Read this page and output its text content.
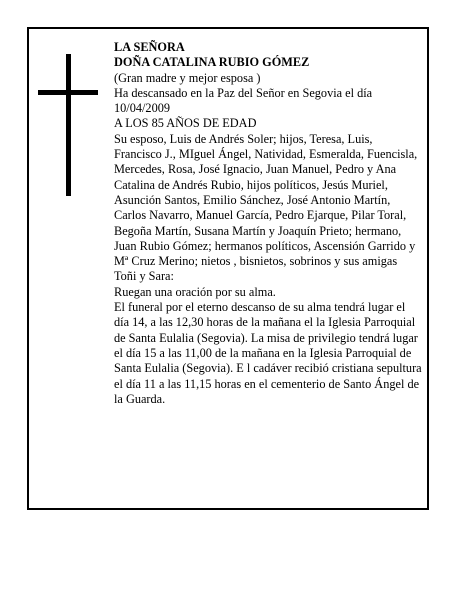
LA SEÑORA

DOÑA CATALINA RUBIO GÓMEZ

(Gran madre y mejor esposa )

Ha descansado en la Paz del Señor en Segovia el día 10/04/2009

A LOS 85 AÑOS DE EDAD

Su esposo, Luis de Andrés Soler; hijos, Teresa, Luis, Francisco J., MIguel Ángel, Natividad, Esmeralda, Fuencisla, Mercedes, Rosa, José Ignacio, Juan Manuel, Pedro y Ana Catalina de Andrés Rubio, hijos políticos, Jesús Muriel, Asunción Santos, Emilio Sánchez, José Antonio Martín, Carlos Navarro, Manuel García, Pedro Ejarque, Pilar Toral, Begoña Martín, Susana Martín y Joaquín Prieto; hermano, Juan Rubio Gómez; hermanos políticos, Ascensión Garrido y Mª Cruz Merino; nietos , bisnietos, sobrinos y sus amigas Toñi y Sara:

Ruegan una oración por su alma.

El funeral por el eterno descanso de su alma tendrá lugar el día 14, a las 12,30 horas de la mañana el la Iglesia Parroquial de Santa Eulalia (Segovia). La misa de privilegio tendrá lugar el día 15 a las 11,00 de la mañana en la Iglesia Parroquial de Santa Eulalia (Segovia). E l cadáver recibió cristiana sepultura el día 11 a las 11,15 horas en el cementerio de Santo Ángel de la Guarda.
